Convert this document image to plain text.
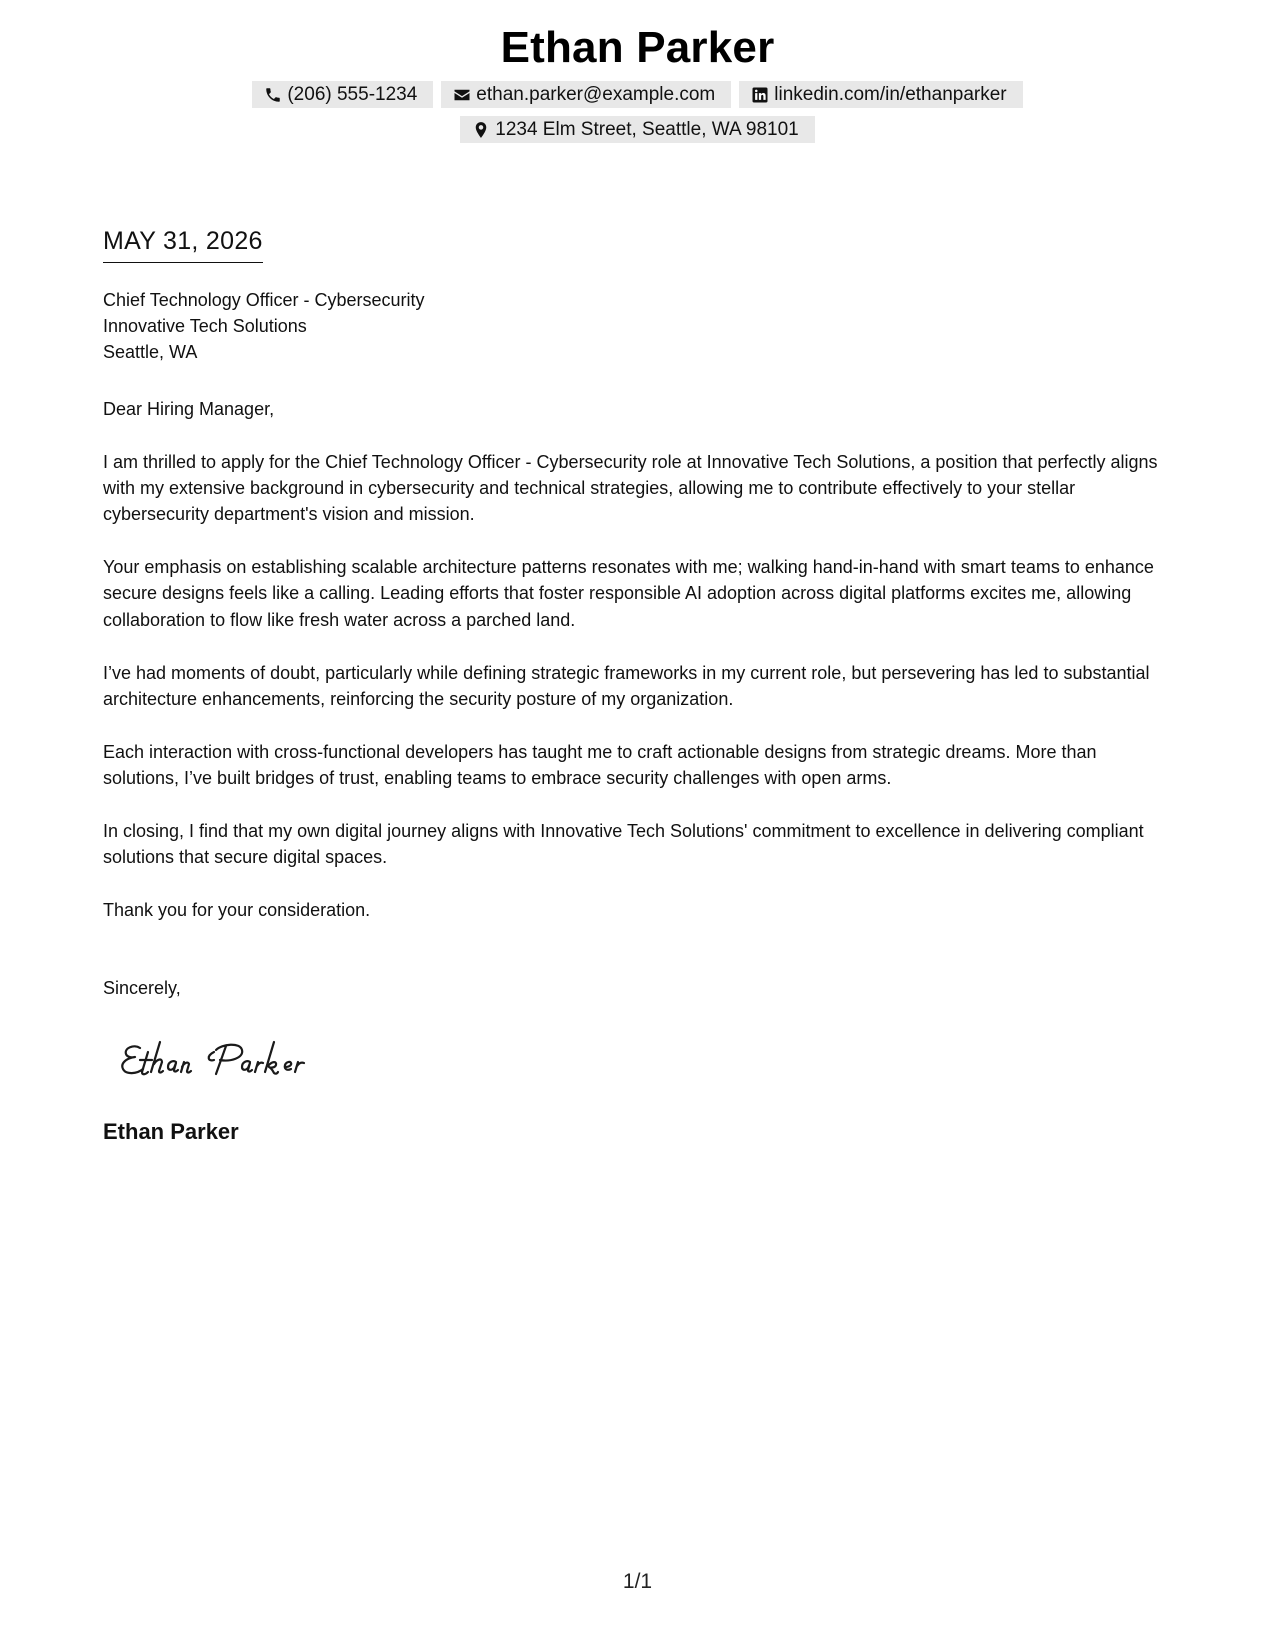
Ethan Parker
(206) 555-1234	ethan.parker@example.com	linkedin.com/in/ethanparker
1234 Elm Street, Seattle, WA 98101
MAY 31, 2026
Chief Technology Officer - Cybersecurity
Innovative Tech Solutions
Seattle, WA

Dear Hiring Manager,

I am thrilled to apply for the Chief Technology Officer - Cybersecurity role at Innovative Tech Solutions, a position that perfectly aligns with my extensive background in cybersecurity and technical strategies, allowing me to contribute effectively to your stellar cybersecurity department's vision and mission.

Your emphasis on establishing scalable architecture patterns resonates with me; walking hand-in-hand with smart teams to enhance secure designs feels like a calling. Leading efforts that foster responsible AI adoption across digital platforms excites me, allowing collaboration to flow like fresh water across a parched land.

I’ve had moments of doubt, particularly while defining strategic frameworks in my current role, but persevering has led to substantial architecture enhancements, reinforcing the security posture of my organization.

Each interaction with cross-functional developers has taught me to craft actionable designs from strategic dreams. More than solutions, I’ve built bridges of trust, enabling teams to embrace security challenges with open arms.

In closing, I find that my own digital journey aligns with Innovative Tech Solutions' commitment to excellence in delivering compliant solutions that secure digital spaces.

Thank you for your consideration.

Sincerely,
Ethan Parker
1/1
